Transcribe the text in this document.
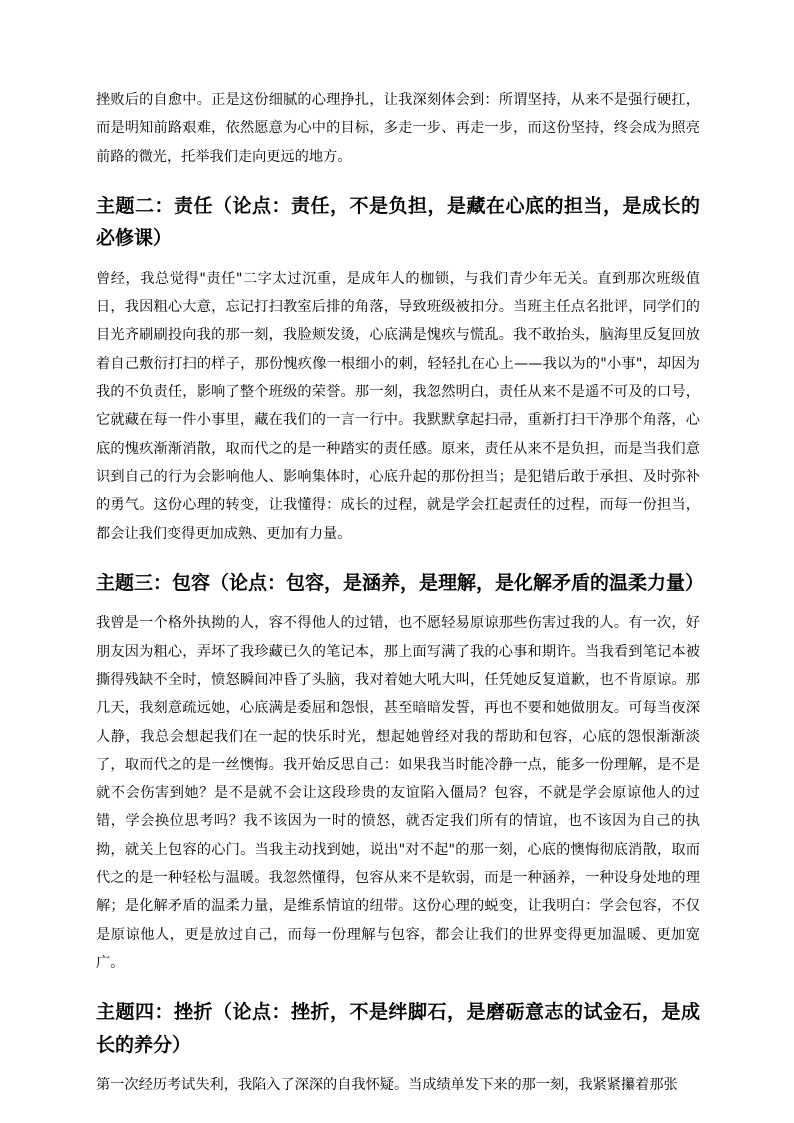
挫败后的自愈中。正是这份细腻的心理挣扎，让我深刻体会到：所谓坚持，从来不是强行硬扛，而是明知前路艰难，依然愿意为心中的目标，多走一步、再走一步，而这份坚持，终会成为照亮前路的微光，托举我们走向更远的地方。

主题二：责任（论点：责任，不是负担，是藏在心底的担当，是成长的必修课）

曾经，我总觉得"责任"二字太过沉重，是成年人的枷锁，与我们青少年无关。直到那次班级值日，我因粗心大意，忘记打扫教室后排的角落，导致班级被扣分。当班主任点名批评，同学们的目光齐刷刷投向我的那一刻，我脸颊发烫，心底满是愧疚与慌乱。我不敢抬头，脑海里反复回放着自己敷衍打扫的样子，那份愧疚像一根细小的刺，轻轻扎在心上——我以为的"小事"，却因为我的不负责任，影响了整个班级的荣誉。那一刻，我忽然明白，责任从来不是遥不可及的口号，它就藏在每一件小事里，藏在我们的一言一行中。我默默拿起扫帚，重新打扫干净那个角落，心底的愧疚渐渐消散，取而代之的是一种踏实的责任感。原来，责任从来不是负担，而是当我们意识到自己的行为会影响他人、影响集体时，心底升起的那份担当；是犯错后敢于承担、及时弥补的勇气。这份心理的转变，让我懂得：成长的过程，就是学会扛起责任的过程，而每一份担当，都会让我们变得更加成熟、更加有力量。

主题三：包容（论点：包容，是涵养，是理解，是化解矛盾的温柔力量）

我曾是一个格外执拗的人，容不得他人的过错，也不愿轻易原谅那些伤害过我的人。有一次，好朋友因为粗心，弄坏了我珍藏已久的笔记本，那上面写满了我的心事和期许。当我看到笔记本被撕得残缺不全时，愤怒瞬间冲昏了头脑，我对着她大吼大叫，任凭她反复道歉，也不肯原谅。那几天，我刻意疏远她，心底满是委屈和怨恨，甚至暗暗发誓，再也不要和她做朋友。可每当夜深人静，我总会想起我们在一起的快乐时光，想起她曾经对我的帮助和包容，心底的怨恨渐渐淡了，取而代之的是一丝懊悔。我开始反思自己：如果我当时能冷静一点，能多一份理解，是不是就不会伤害到她？是不是就不会让这段珍贵的友谊陷入僵局？包容，不就是学会原谅他人的过错，学会换位思考吗？我不该因为一时的愤怒，就否定我们所有的情谊，也不该因为自己的执拗，就关上包容的心门。当我主动找到她，说出"对不起"的那一刻，心底的懊悔彻底消散，取而代之的是一种轻松与温暖。我忽然懂得，包容从来不是软弱，而是一种涵养，一种设身处地的理解；是化解矛盾的温柔力量，是维系情谊的纽带。这份心理的蜕变，让我明白：学会包容，不仅是原谅他人，更是放过自己，而每一份理解与包容，都会让我们的世界变得更加温暖、更加宽广。

主题四：挫折（论点：挫折，不是绊脚石，是磨砺意志的试金石，是成长的养分）

第一次经历考试失利，我陷入了深深的自我怀疑。当成绩单发下来的那一刻，我紧紧攥着那张
